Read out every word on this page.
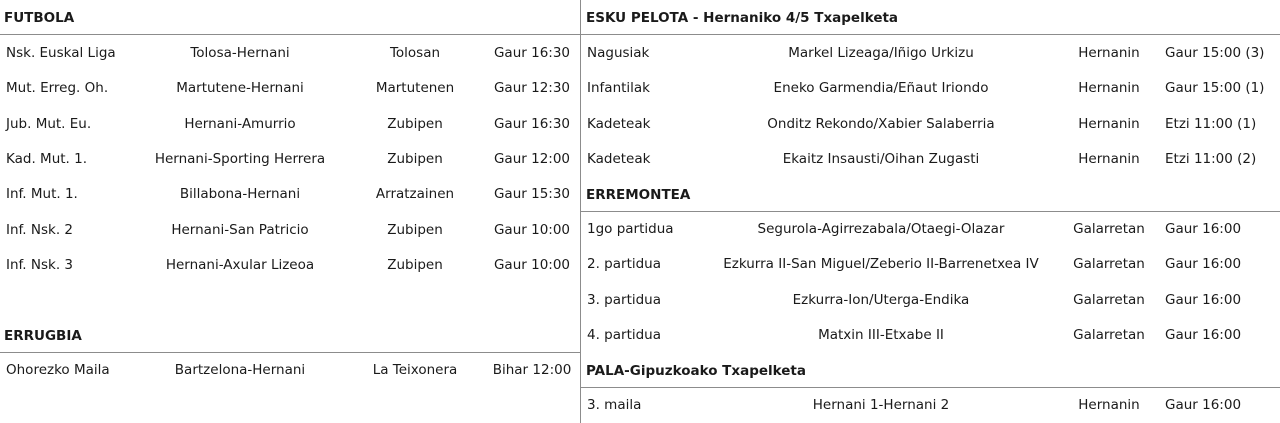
FUTBOLA
Nsk. Euskal Liga	Tolosa-Hernani	Tolosan	Gaur 16:30
Mut. Erreg. Oh.	Martutene-Hernani	Martutenen	Gaur 12:30
Jub. Mut. Eu.	Hernani-Amurrio	Zubipen	Gaur 16:30
Kad. Mut. 1.	Hernani-Sporting Herrera	Zubipen	Gaur 12:00
Inf. Mut. 1.	Billabona-Hernani	Arratzainen	Gaur 15:30
Inf. Nsk. 2	Hernani-San Patricio	Zubipen	Gaur 10:00
Inf. Nsk. 3	Hernani-Axular Lizeoa	Zubipen	Gaur 10:00
ERRUGBIA
Ohorezko Maila	Bartzelona-Hernani	La Teixonera	Bihar 12:00
ESKU PELOTA - Hernaniko 4/5 Txapelketa
Nagusiak	Markel Lizeaga/Iñigo Urkizu	Hernanin	Gaur 15:00 (3)
Infantilak	Eneko Garmendia/Eñaut Iriondo	Hernanin	Gaur 15:00 (1)
Kadeteak	Onditz Rekondo/Xabier Salaberria	Hernanin	Etzi 11:00 (1)
Kadeteak	Ekaitz Insausti/Oihan Zugasti	Hernanin	Etzi 11:00 (2)
ERREMONTEA
1go partidua	Segurola-Agirrezabala/Otaegi-Olazar	Galarretan	Gaur 16:00
2. partidua	Ezkurra II-San Miguel/Zeberio II-Barrenetxea IV	Galarretan	Gaur 16:00
3. partidua	Ezkurra-Ion/Uterga-Endika	Galarretan	Gaur 16:00
4. partidua	Matxin III-Etxabe II	Galarretan	Gaur 16:00
PALA-Gipuzkoako Txapelketa
3. maila	Hernani 1-Hernani 2	Hernanin	Gaur 16:00
